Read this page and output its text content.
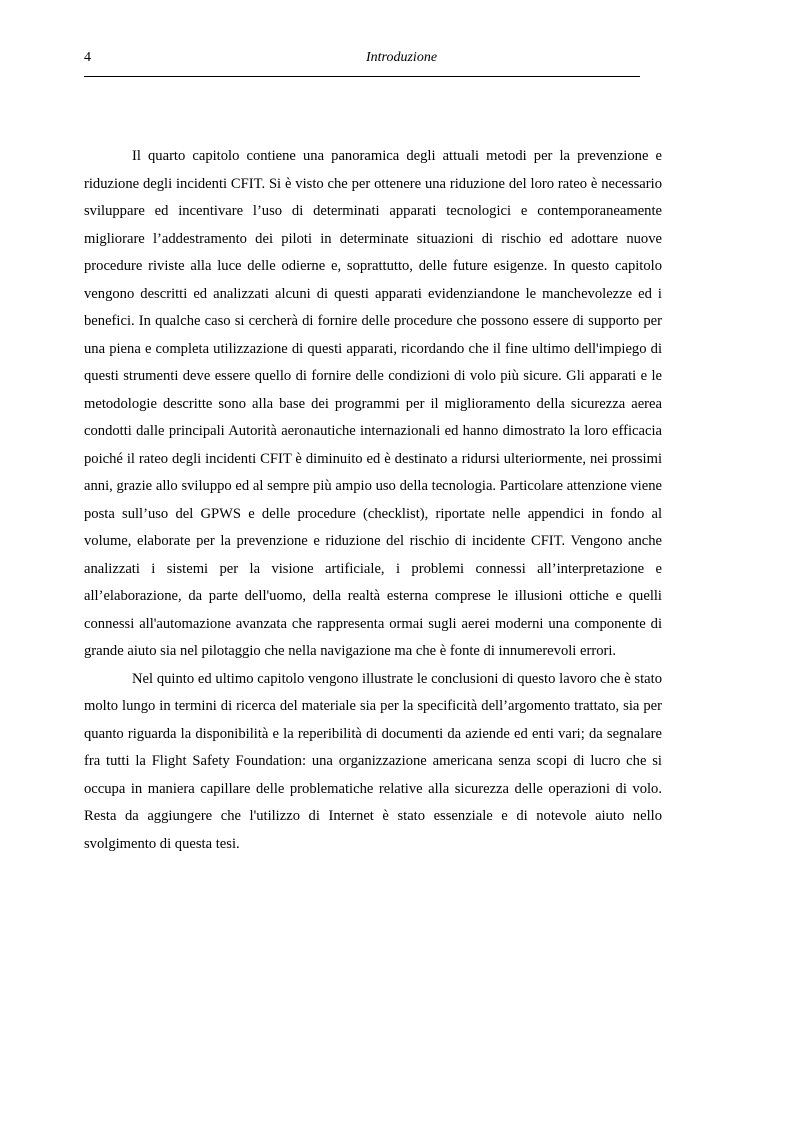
4	Introduzione

Il quarto capitolo contiene una panoramica degli attuali metodi per la prevenzione e riduzione degli incidenti CFIT. Si è visto che per ottenere una riduzione del loro rateo è necessario sviluppare ed incentivare l’uso di determinati apparati tecnologici e contemporaneamente migliorare l’addestramento dei piloti in determinate situazioni di rischio ed adottare nuove procedure riviste alla luce delle odierne e, soprattutto, delle future esigenze. In questo capitolo vengono descritti ed analizzati alcuni di questi apparati evidenziandone le manchevolezze ed i benefici. In qualche caso si cercherà di fornire delle procedure che possono essere di supporto per una piena e completa utilizzazione di questi apparati, ricordando che il fine ultimo dell'impiego di questi strumenti deve essere quello di fornire delle condizioni di volo più sicure. Gli apparati e le metodologie descritte sono alla base dei programmi per il miglioramento della sicurezza aerea condotti dalle principali Autorità aeronautiche internazionali ed hanno dimostrato la loro efficacia poiché il rateo degli incidenti CFIT è diminuito ed è destinato a ridursi ulteriormente, nei prossimi anni, grazie allo sviluppo ed al sempre più ampio uso della tecnologia. Particolare attenzione viene posta sull’uso del GPWS e delle procedure (checklist), riportate nelle appendici in fondo al volume, elaborate per la prevenzione e riduzione del rischio di incidente CFIT. Vengono anche analizzati i sistemi per la visione artificiale, i problemi connessi all’interpretazione e all’elaborazione, da parte dell'uomo, della realtà esterna comprese le illusioni ottiche e quelli connessi all'automazione avanzata che rappresenta ormai sugli aerei moderni una componente di grande aiuto sia nel pilotaggio che nella navigazione ma che è fonte di innumerevoli errori.

Nel quinto ed ultimo capitolo vengono illustrate le conclusioni di questo lavoro che è stato molto lungo in termini di ricerca del materiale sia per la specificità dell’argomento trattato, sia per quanto riguarda la disponibilità e la reperibilità di documenti da aziende ed enti vari; da segnalare fra tutti la Flight Safety Foundation: una organizzazione americana senza scopi di lucro che si occupa in maniera capillare delle problematiche relative alla sicurezza delle operazioni di volo. Resta da aggiungere che l'utilizzo di Internet è stato essenziale e di notevole aiuto nello svolgimento di questa tesi.
